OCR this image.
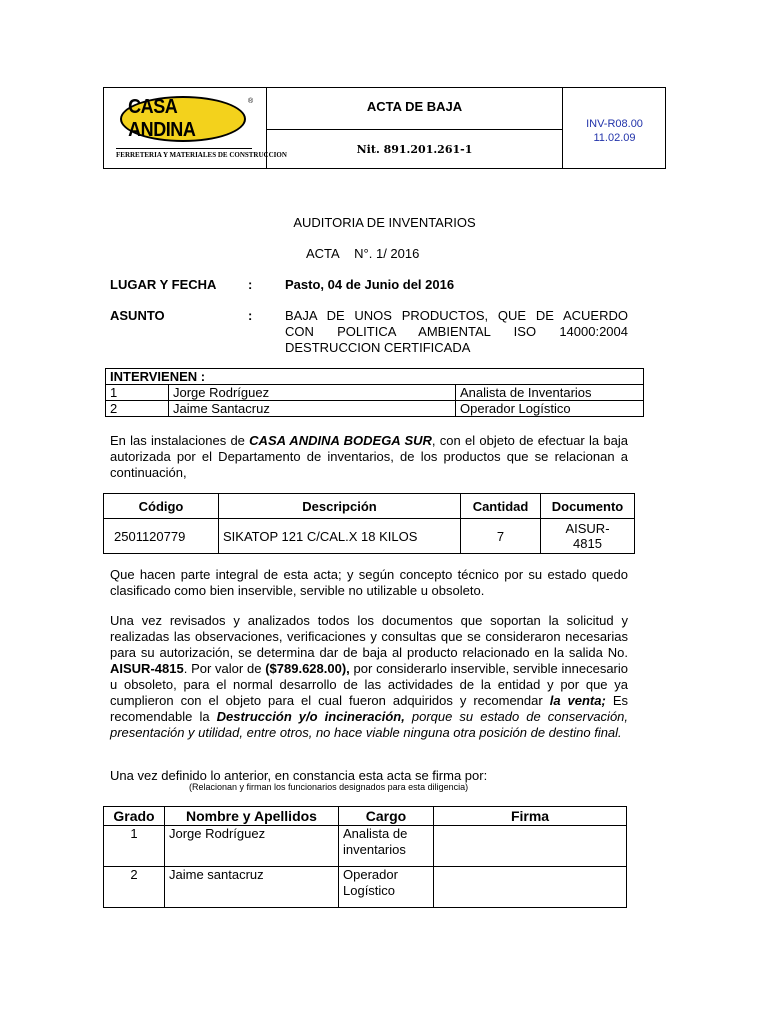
CASA ANDINA
®
FERRETERIA Y MATERIALES DE CONSTRUCCION
ACTA DE BAJA
Nit. 891.201.261-1
INV-R08.00
11.02.09
AUDITORIA DE INVENTARIOS
ACTA N°. 1/ 2016
LUGAR Y FECHA :	Pasto, 04 de Junio del 2016
ASUNTO	:	BAJA DE UNOS PRODUCTOS, QUE DE ACUERDO
CON POLITICA AMBIENTAL ISO 14000:2004
DESTRUCCION CERTIFICADA
INTERVIENEN :		
1	Jorge Rodríguez	Analista de Inventarios
2	Jaime Santacruz	Operador Logístico
En las instalaciones de CASA ANDINA BODEGA SUR, con el objeto de efectuar la baja autorizada por el Departamento de inventarios, de los productos que se relacionan a continuación,
Código	Descripción	Cantidad	Documento
2501120779	SIKATOP 121 C/CAL.X 18 KILOS	7	AISUR-
4815
Que hacen parte integral de esta acta; y según concepto técnico por su estado quedo clasificado como bien inservible, servible no utilizable u obsoleto.
Una vez revisados y analizados todos los documentos que soportan la solicitud y realizadas las observaciones, verificaciones y consultas que se consideraron necesarias para su autorización, se determina dar de baja al producto relacionado en la salida No. AISUR-4815. Por valor de ($789.628.00), por considerarlo inservible, servible innecesario u obsoleto, para el normal desarrollo de las actividades de la entidad y por que ya cumplieron con el objeto para el cual fueron adquiridos y recomendar la venta; Es recomendable la Destrucción y/o incineración, porque su estado de conservación, presentación y utilidad, entre otros, no hace viable ninguna otra posición de destino final.
Una vez definido lo anterior, en constancia esta acta se firma por:
(Relacionan y firman los funcionarios designados para esta diligencia)
Grado	Nombre y Apellidos	Cargo	Firma
1	Jorge Rodríguez	Analista de
inventarios	

2	Jaime santacruz	Operador
Logístico	
